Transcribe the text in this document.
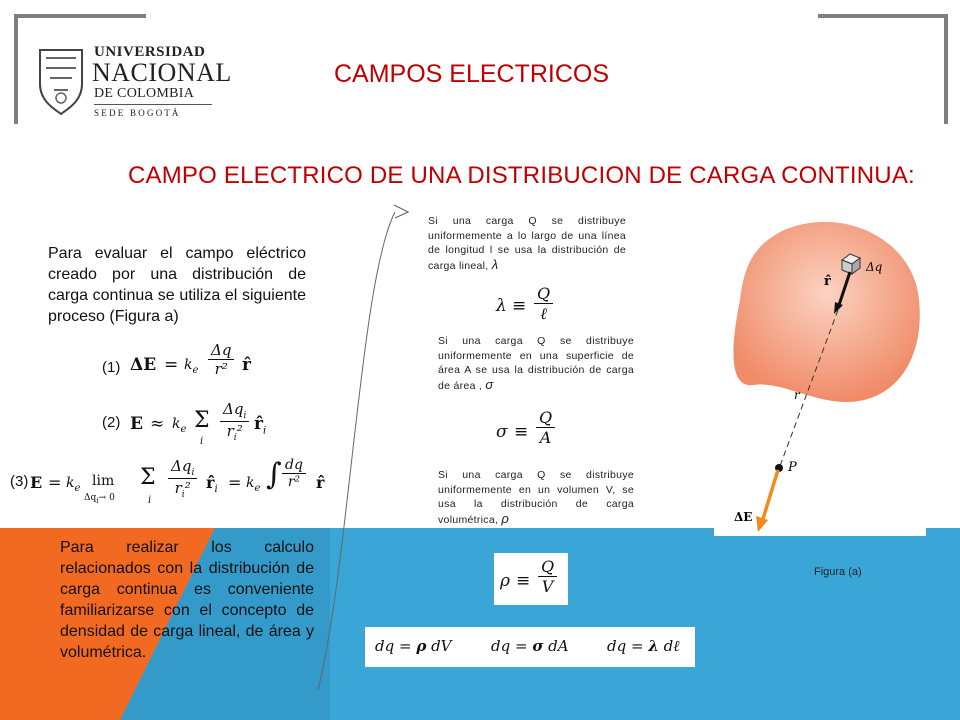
UNIVERSIDAD
NACIONAL
DE COLOMBIA
S E D E   B O G O T Á
CAMPOS ELECTRICOS
CAMPO ELECTRICO DE UNA DISTRIBUCION DE CARGA CONTINUA:
Para evaluar el campo eléctrico creado por una distribución de carga continua se utiliza el siguiente proceso (Figura a)
(1) $\Delta E = k_e \frac{\Delta q}{\text{r²}}$ r̂
(2) $E \approx k_e$ Σ
i
$\Delta q_i$
$r_i^2$ $r̂_i$
(3) $E = k_e$ lim
$\Delta q_i\to 0$
Σ
i
$\Delta q_i$
$r_i^2$ $r̂_i = k_e$ ∫ $\frac{dq}{\text{r²}}$ r̂
Para realizar los calculo relacionados con la distribución de carga continua es conveniente familiarizarse con el concepto de densidad de carga lineal, de área y volumétrica.
Si una carga Q se distribuye uniformemente a lo largo de una línea de longitud l se usa la distribución de carga lineal, λ
λ ≡
Q
ℓ
Si una carga Q se distribuye uniformemente en una superficie de área A se usa la distribución de carga de área , σ
$\sigma \equiv \frac{Q}{A}$
Si una carga Q se distribuye uniformemente en un volumen V, se usa la distribución de carga volumétrica, ρ
$\rho \equiv \frac{Q}{V}$
dq = ρ dV	dq = σ dA	dq = λ dℓ
Δq
r̂
r
P
ΔE
Figura (a)
